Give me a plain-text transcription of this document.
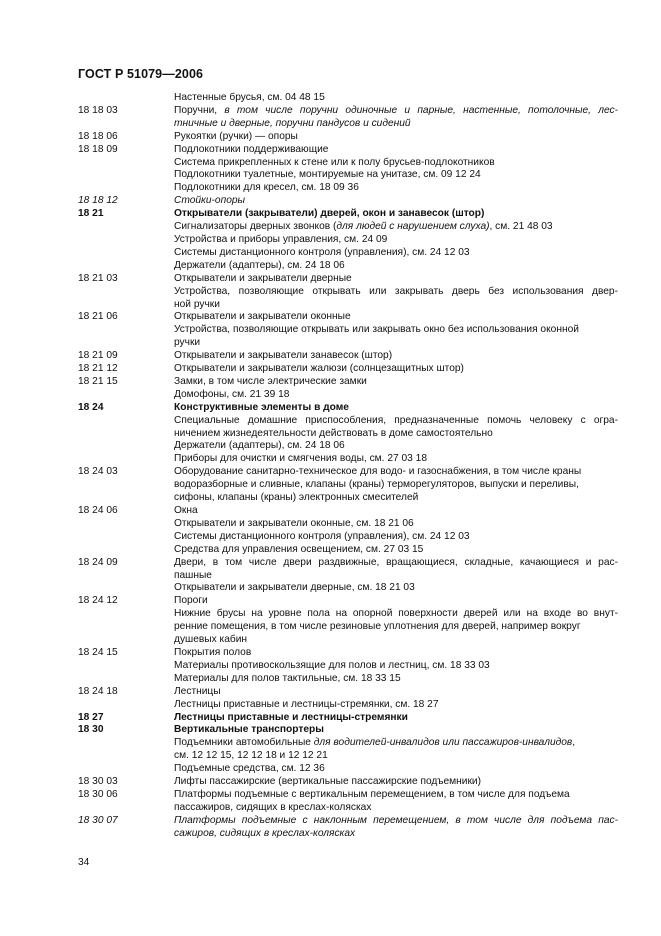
ГОСТ Р 51079—2006
Настенные брусья, см. 04 48 15
18 18 03	Поручни, в том числе поручни одиночные и парные, настенные, потолочные, лес-
тничные и дверные, поручни пандусов и сидений
18 18 06	Рукоятки (ручки) — опоры
18 18 09	Подлокотники поддерживающие
Система прикрепленных к стене или к полу брусьев-подлокотников
Подлокотники туалетные, монтируемые на унитазе, см. 09 12 24
Подлокотники для кресел, см. 18 09 36
18 18 12	Стойки-опоры
18 21	Открыватели (закрыватели) дверей, окон и занавесок (штор)
Сигнализаторы дверных звонков (для людей с нарушением слуха), см. 21 48 03
Устройства и приборы управления, см. 24 09
Системы дистанционного контроля (управления), см. 24 12 03
Держатели (адаптеры), см. 24 18 06
18 21 03	Открыватели и закрыватели дверные
Устройства, позволяющие открывать или закрывать дверь без использования двер-
ной ручки
18 21 06	Открыватели и закрыватели оконные
Устройства, позволяющие открывать или закрывать окно без использования оконной
ручки
18 21 09	Открыватели и закрыватели занавесок (штор)
18 21 12	Открыватели и закрыватели жалюзи (солнцезащитных штор)
18 21 15	Замки, в том числе электрические замки
Домофоны, см. 21 39 18
18 24	Конструктивные элементы в доме
Специальные домашние приспособления, предназначенные помочь человеку с огра-
ничением жизнедеятельности действовать в доме самостоятельно
Держатели (адаптеры), см. 24 18 06
Приборы для очистки и смягчения воды, см. 27 03 18
18 24 03	Оборудование санитарно-техническое для водо- и газоснабжения, в том числе краны
водоразборные и сливные, клапаны (краны) терморегуляторов, выпуски и переливы,
сифоны, клапаны (краны) электронных смесителей
18 24 06	Окна
Открыватели и закрыватели оконные, см. 18 21 06
Системы дистанционного контроля (управления), см. 24 12 03
Средства для управления освещением, см. 27 03 15
18 24 09	Двери, в том числе двери раздвижные, вращающиеся, складные, качающиеся и рас-
пашные
Открыватели и закрыватели дверные, см. 18 21 03
18 24 12	Пороги
Нижние брусы на уровне пола на опорной поверхности дверей или на входе во внут-
ренние помещения, в том числе резиновые уплотнения для дверей, например вокруг
душевых кабин
18 24 15	Покрытия полов
Материалы противоскользящие для полов и лестниц, см. 18 33 03
Материалы для полов тактильные, см. 18 33 15
18 24 18	Лестницы
Лестницы приставные и лестницы-стремянки, см. 18 27
18 27	Лестницы приставные и лестницы-стремянки
18 30	Вертикальные транспортеры
Подъемники автомобильные для водителей-инвалидов или пассажиров-инвалидов,
см. 12 12 15, 12 12 18 и 12 12 21
Подъемные средства, см. 12 36
18 30 03	Лифты пассажирские (вертикальные пассажирские подъемники)
18 30 06	Платформы подъемные с вертикальным перемещением, в том числе для подъема
пассажиров, сидящих в креслах-колясках
18 30 07	Платформы подъемные с наклонным перемещением, в том числе для подъема пас-
сажиров, сидящих в креслах-колясках
34
